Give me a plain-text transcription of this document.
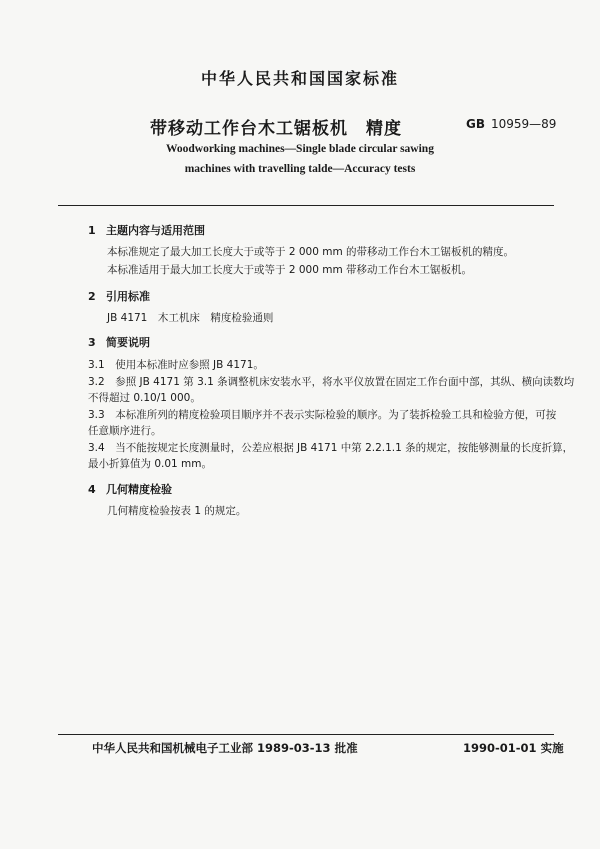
中华人民共和国国家标准
带移动工作台木工锯板机　精度	GB 10959—89
Woodworking machines—Single blade circular sawing
machines with travelling talde—Accuracy tests
1 主题内容与适用范围
本标准规定了最大加工长度大于或等于 2 000 mm 的带移动工作台木工锯板机的精度。
本标准适用于最大加工长度大于或等于 2 000 mm 带移动工作台木工锯板机。
2 引用标准
JB 4171　木工机床　精度检验通则
3 简要说明
3.1　使用本标准时应参照 JB 4171。
3.2　参照 JB 4171 第 3.1 条调整机床安装水平，将水平仪放置在固定工作台面中部，其纵、横向读数均
不得超过 0.10/1 000。
3.3　本标准所列的精度检验项目顺序并不表示实际检验的顺序。为了装拆检验工具和检验方便，可按
任意顺序进行。
3.4　当不能按规定长度测量时，公差应根据 JB 4171 中第 2.2.1.1 条的规定，按能够测量的长度折算，
最小折算值为 0.01 mm。
4 几何精度检验
几何精度检验按表 1 的规定。
中华人民共和国机械电子工业部 1989-03-13 批准	1990-01-01 实施
